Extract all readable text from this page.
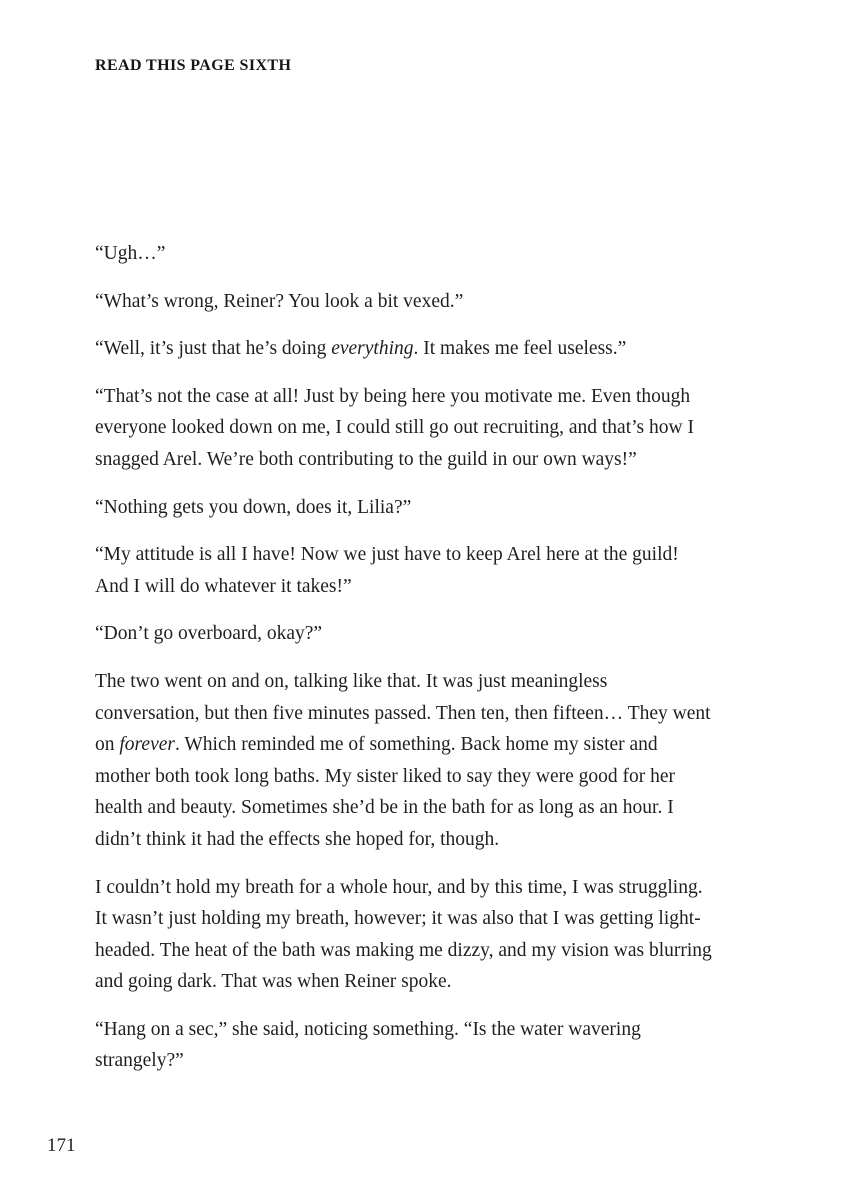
READ THIS PAGE SIXTH

“Ugh…”

“What’s wrong, Reiner? You look a bit vexed.”

“Well, it’s just that he’s doing everything. It makes me feel useless.”

“That’s not the case at all! Just by being here you motivate me. Even though everyone looked down on me, I could still go out recruiting, and that’s how I snagged Arel. We’re both contributing to the guild in our own ways!”

“Nothing gets you down, does it, Lilia?”

“My attitude is all I have! Now we just have to keep Arel here at the guild! And I will do whatever it takes!”

“Don’t go overboard, okay?”

The two went on and on, talking like that. It was just meaningless conversation, but then five minutes passed. Then ten, then fifteen… They went on forever. Which reminded me of something. Back home my sister and mother both took long baths. My sister liked to say they were good for her health and beauty. Sometimes she’d be in the bath for as long as an hour. I didn’t think it had the effects she hoped for, though.

I couldn’t hold my breath for a whole hour, and by this time, I was struggling. It wasn’t just holding my breath, however; it was also that I was getting light-headed. The heat of the bath was making me dizzy, and my vision was blurring and going dark. That was when Reiner spoke.

“Hang on a sec,” she said, noticing something. “Is the water wavering strangely?”

171
